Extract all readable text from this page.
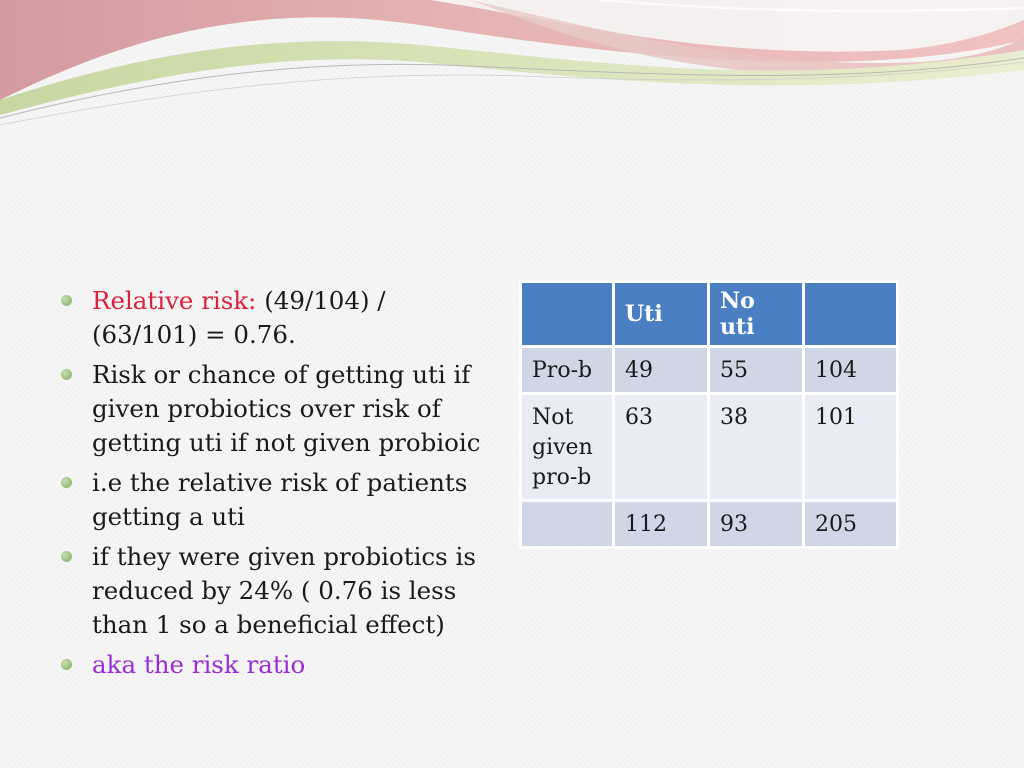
Relative risk: (49/104) / (63/101) = 0.76.
Risk or chance of getting uti if given probiotics over risk of getting uti if not given probioic
i.e the relative risk of patients getting a uti
if they were given probiotics is reduced by 24% ( 0.76 is less than 1 so a beneficial effect)
aka the risk ratio
	Uti	No uti	
Pro-b	49	55	104
Not given pro-b	63	38	101
	112	93	205
